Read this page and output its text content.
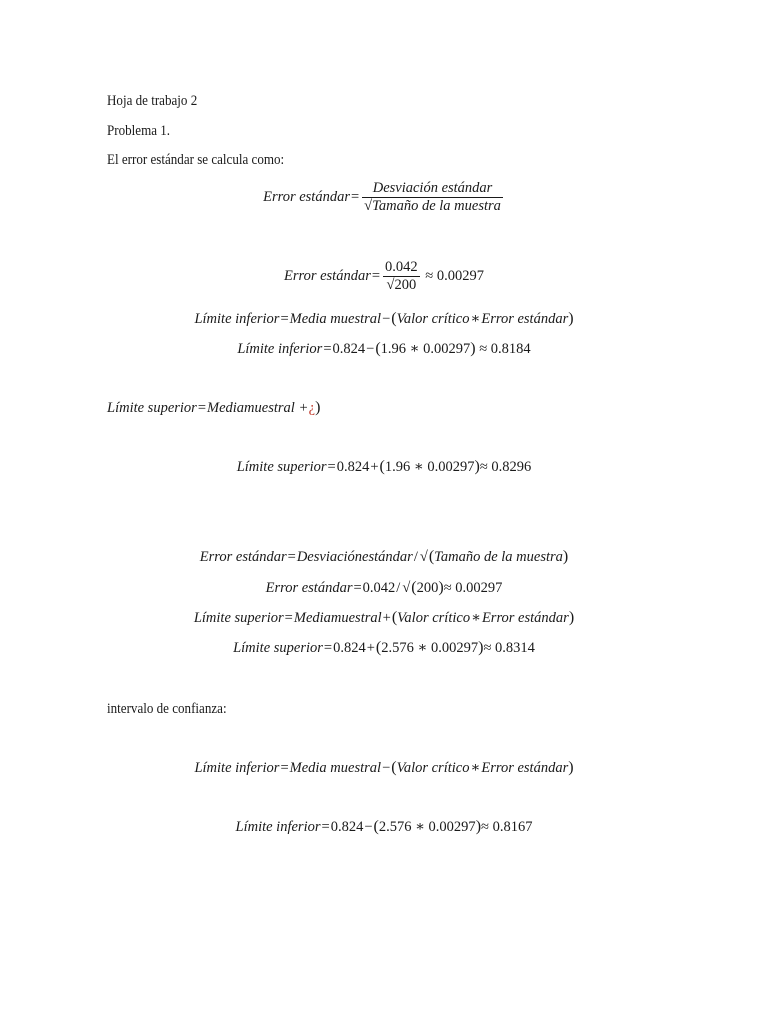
Hoja de trabajo 2
Problema 1.
El error estándar se calcula como:
Error estándar= $\frac{\text{Desviación estándar}}{\text{√Tamaño de la muestra}}$
Error estándar= $\frac{0.042}{√200} \approx 0.00297$
Límite inferior=Media muestral−(Valor crítico∗Error estándar)
Límite inferior=0.824−(1.96 ∗ 0.00297) ≈ 0.8184
Límite superior=Mediamuestral +¿)
Límite superior=0.824+(1.96 ∗ 0.00297)≈ 0.8296
Error estándar=Desviaciónestándar/ √(Tamaño de la muestra)
Error estándar=0.042/ √(200)≈ 0.00297
Límite superior=Mediamuestral+(Valor crítico∗Error estándar)
Límite superior=0.824+(2.576 ∗ 0.00297)≈ 0.8314
intervalo de confianza:
Límite inferior=Media muestral−(Valor crítico∗Error estándar)
Límite inferior=0.824−(2.576 ∗ 0.00297)≈ 0.8167
